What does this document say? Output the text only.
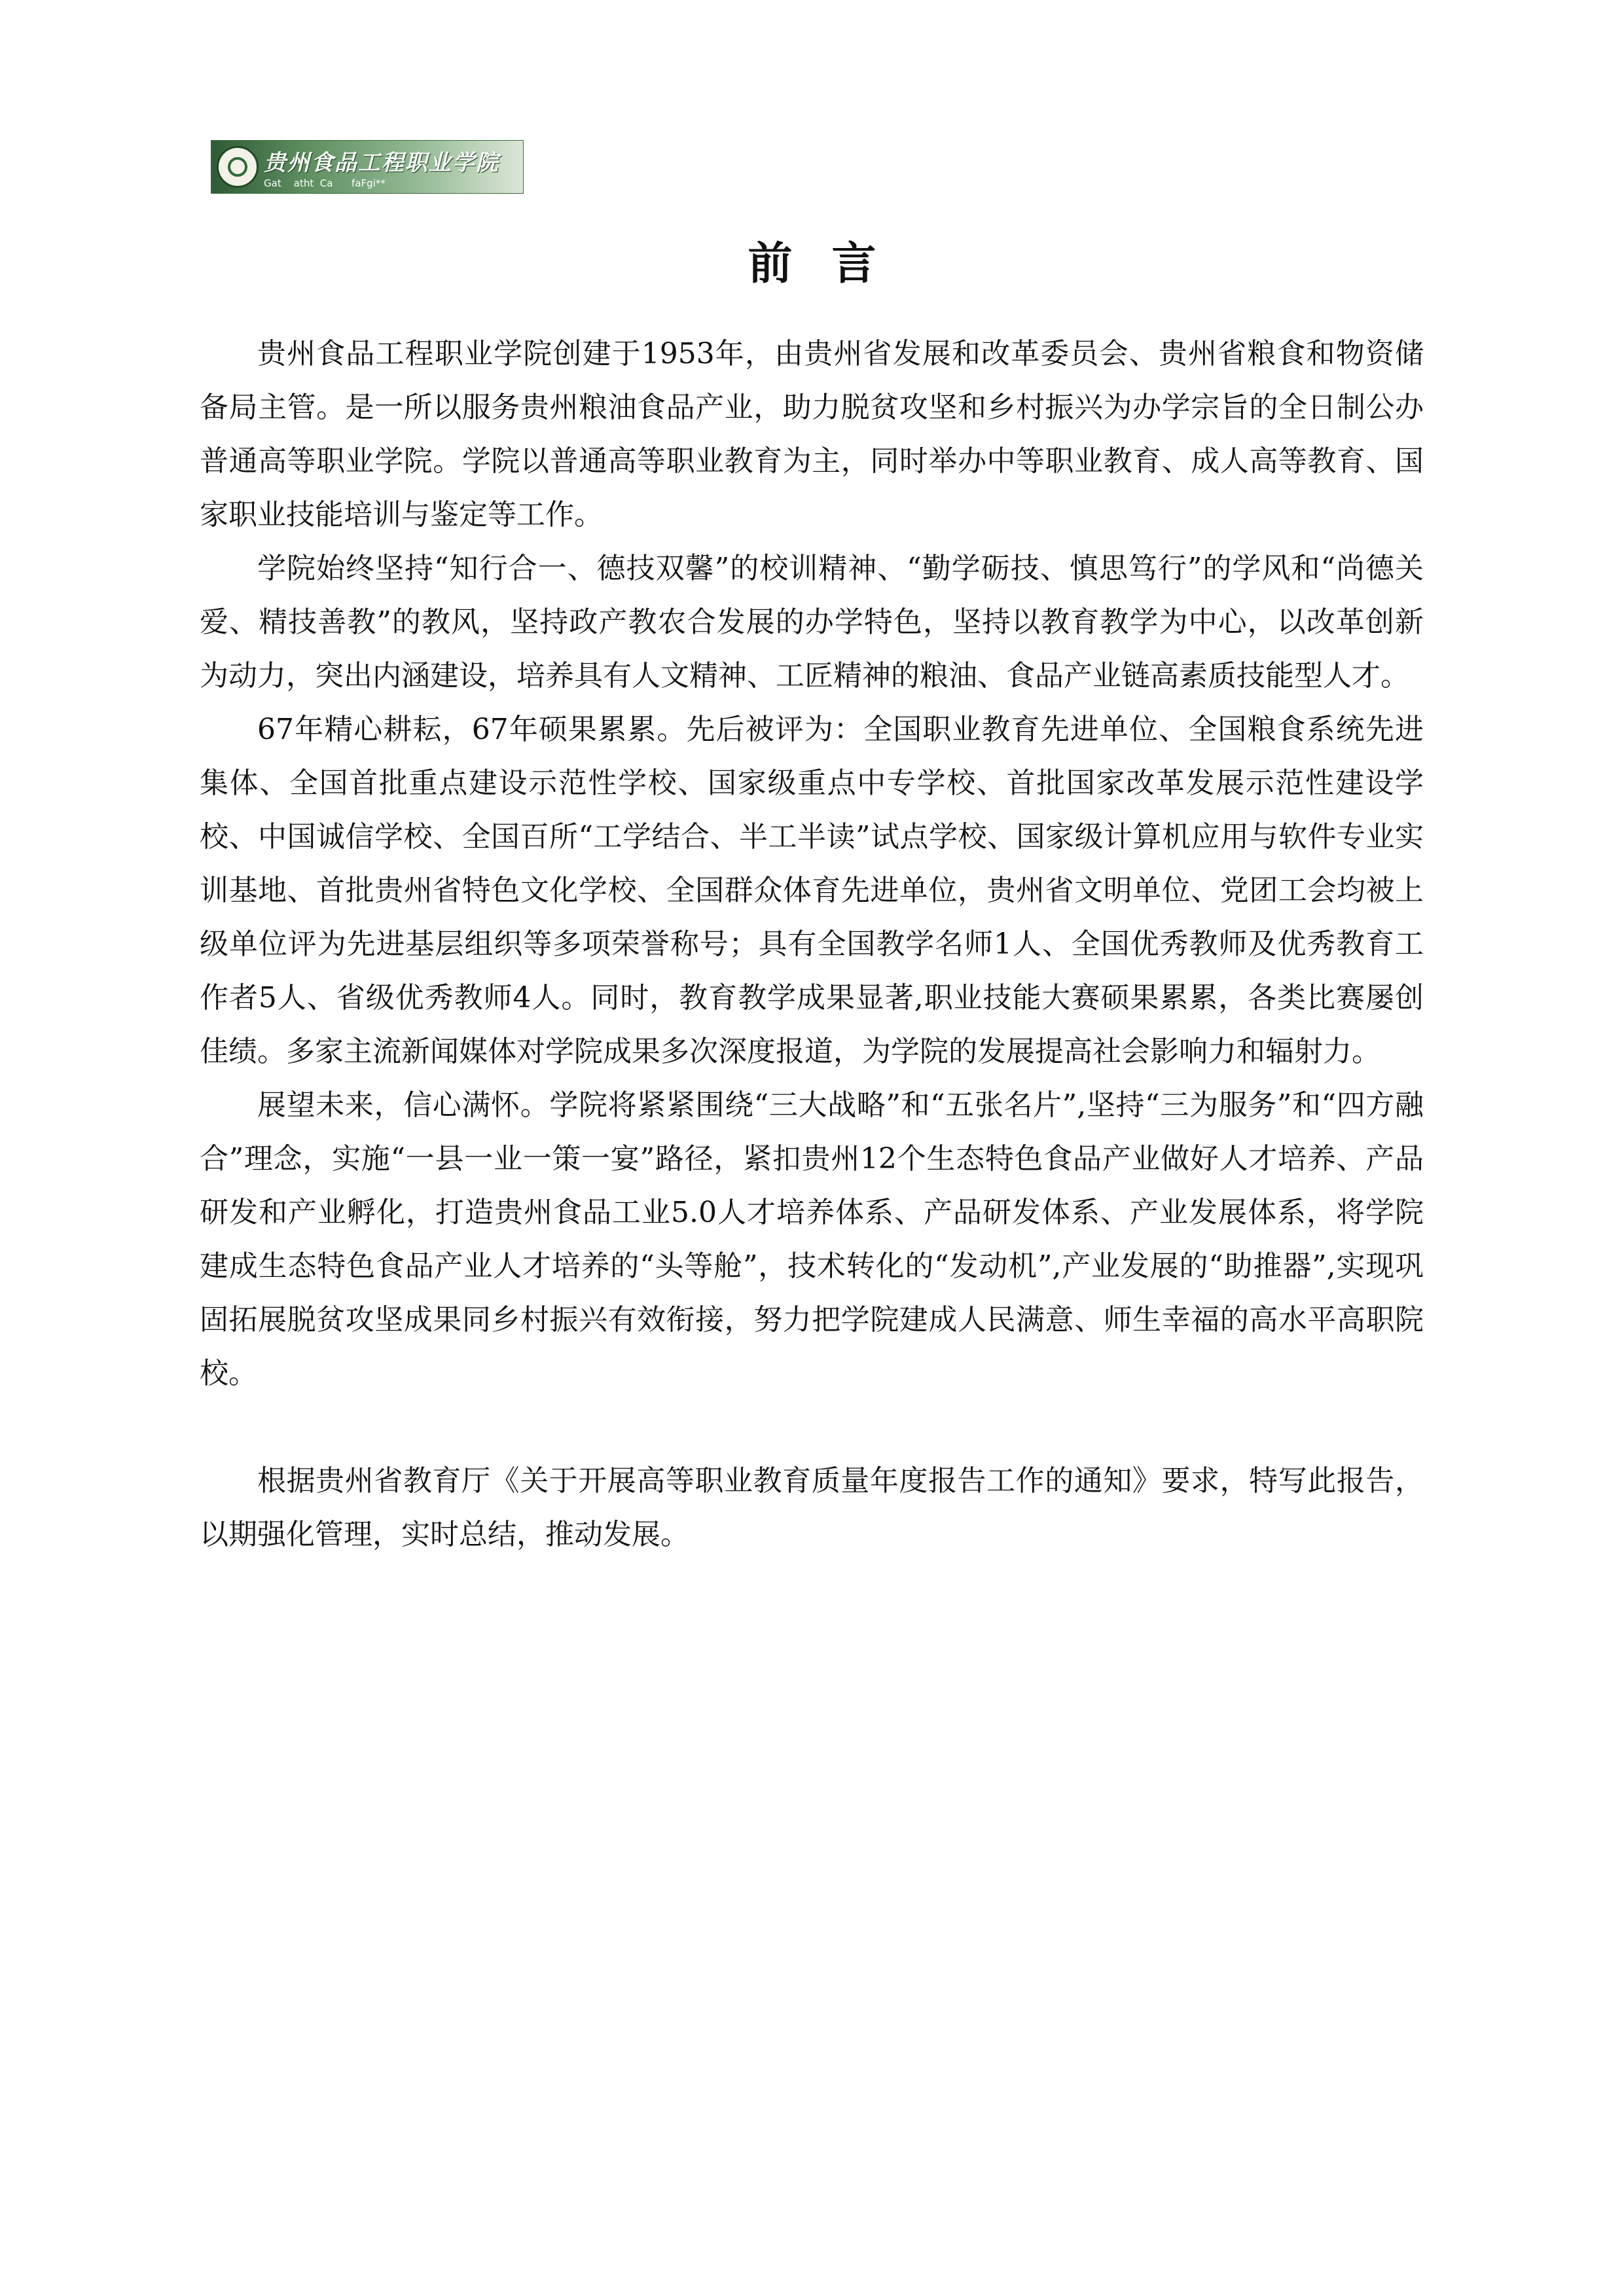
贵州食品工程职业学院
Gat    atht  Ca      faFgi**
前言

贵州食品工程职业学院创建于1953年，由贵州省发展和改革委员会、贵州省粮食和物资储备局主管。是一所以服务贵州粮油食品产业，助力脱贫攻坚和乡村振兴为办学宗旨的全日制公办普通高等职业学院。学院以普通高等职业教育为主，同时举办中等职业教育、成人高等教育、国家职业技能培训与鉴定等工作。

学院始终坚持“知行合一、德技双馨”的校训精神、“勤学砺技、慎思笃行”的学风和“尚德关爱、精技善教”的教风，坚持政产教农合发展的办学特色，坚持以教育教学为中心，以改革创新为动力，突出内涵建设，培养具有人文精神、工匠精神的粮油、食品产业链高素质技能型人才。

67年精心耕耘，67年硕果累累。先后被评为：全国职业教育先进单位、全国粮食系统先进集体、全国首批重点建设示范性学校、国家级重点中专学校、首批国家改革发展示范性建设学校、中国诚信学校、全国百所“工学结合、半工半读”试点学校、国家级计算机应用与软件专业实训基地、首批贵州省特色文化学校、全国群众体育先进单位，贵州省文明单位、党团工会均被上级单位评为先进基层组织等多项荣誉称号；具有全国教学名师1人、全国优秀教师及优秀教育工作者5人、省级优秀教师4人。同时，教育教学成果显著,职业技能大赛硕果累累，各类比赛屡创佳绩。多家主流新闻媒体对学院成果多次深度报道，为学院的发展提高社会影响力和辐射力。

展望未来，信心满怀。学院将紧紧围绕“三大战略”和“五张名片”,坚持“三为服务”和“四方融合”理念，实施“一县一业一策一宴”路径，紧扣贵州12个生态特色食品产业做好人才培养、产品研发和产业孵化，打造贵州食品工业5.0人才培养体系、产品研发体系、产业发展体系，将学院建成生态特色食品产业人才培养的“头等舱”，技术转化的“发动机”,产业发展的“助推器”,实现巩固拓展脱贫攻坚成果同乡村振兴有效衔接，努力把学院建成人民满意、师生幸福的高水平高职院校。

根据贵州省教育厅《关于开展高等职业教育质量年度报告工作的通知》要求，特写此报告，以期强化管理，实时总结，推动发展。
